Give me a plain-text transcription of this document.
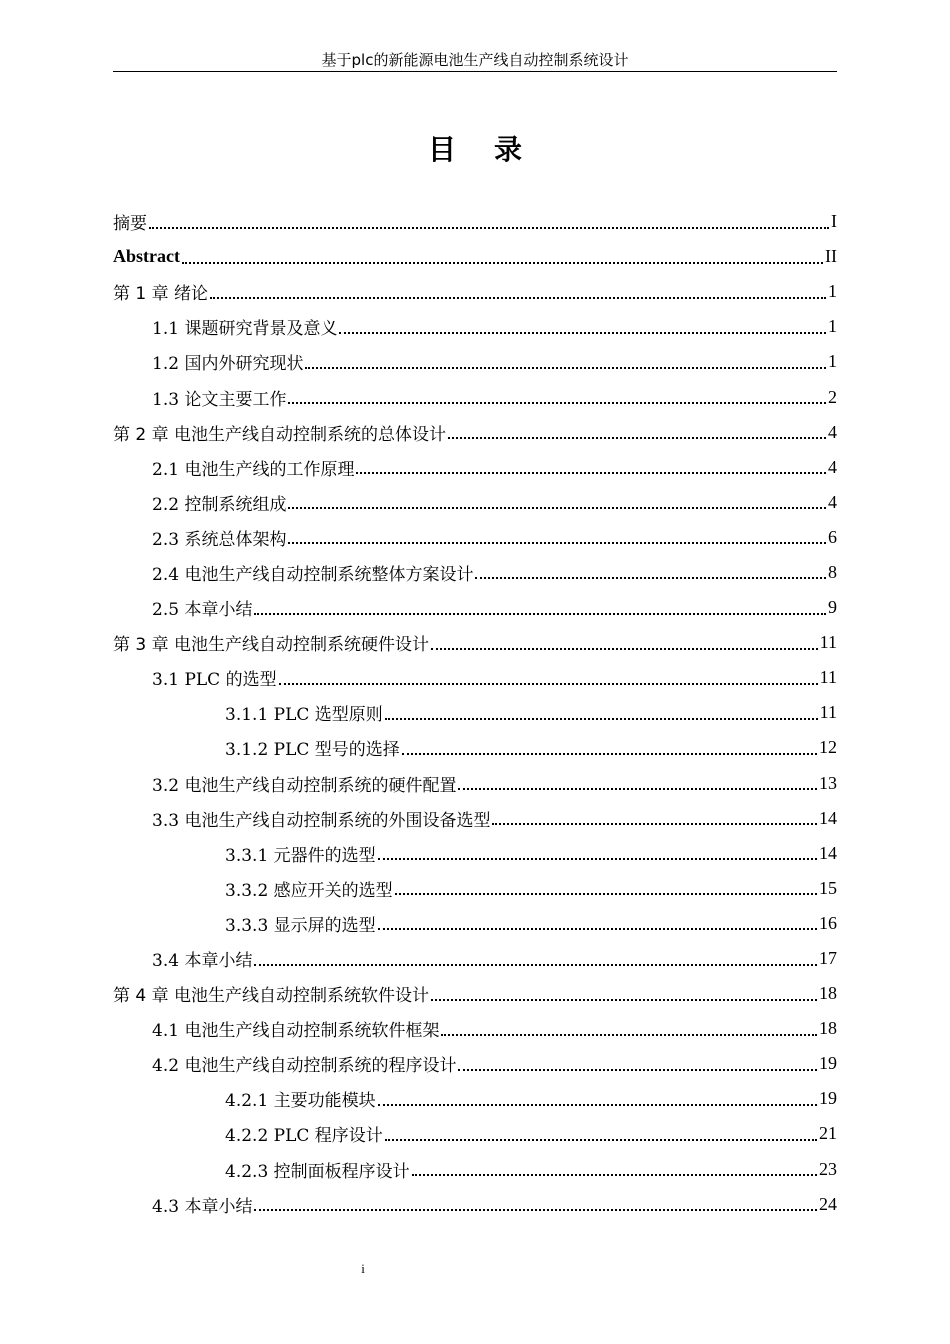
基于plc的新能源电池生产线自动控制系统设计
目录
摘要	I
Abstract	II
第 1 章 绪论	1
1.1 课题研究背景及意义	1
1.2 国内外研究现状	1
1.3 论文主要工作	2
第 2 章 电池生产线自动控制系统的总体设计	4
2.1 电池生产线的工作原理	4
2.2 控制系统组成	4
2.3 系统总体架构	6
2.4 电池生产线自动控制系统整体方案设计	8
2.5 本章小结	9
第 3 章 电池生产线自动控制系统硬件设计	11
3.1 PLC 的选型	11
3.1.1 PLC 选型原则	11
3.1.2 PLC 型号的选择	12
3.2 电池生产线自动控制系统的硬件配置	13
3.3 电池生产线自动控制系统的外围设备选型	14
3.3.1 元器件的选型	14
3.3.2 感应开关的选型	15
3.3.3 显示屏的选型	16
3.4 本章小结	17
第 4 章 电池生产线自动控制系统软件设计	18
4.1 电池生产线自动控制系统软件框架	18
4.2 电池生产线自动控制系统的程序设计	19
4.2.1 主要功能模块	19
4.2.2 PLC 程序设计	21
4.2.3 控制面板程序设计	23
4.3 本章小结	24
i
